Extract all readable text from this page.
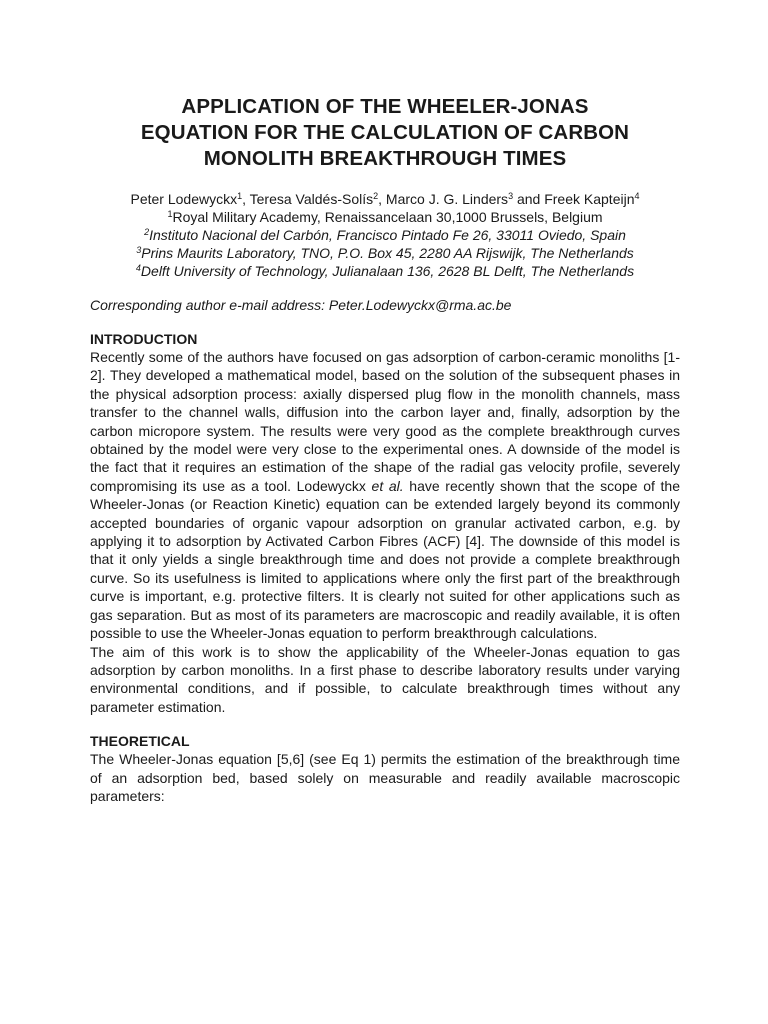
APPLICATION OF THE WHEELER-JONAS
EQUATION FOR THE CALCULATION OF CARBON
MONOLITH BREAKTHROUGH TIMES
Peter Lodewyckx$^1$, Teresa Valdés-Solís$^2$, Marco J. G. Linders$^3$ and Freek Kapteijn$^4$
$^1$Royal Military Academy, Renaissancelaan 30,1000 Brussels, Belgium
$^2$Instituto Nacional del Carbón, Francisco Pintado Fe 26, 33011 Oviedo, Spain
$^3$Prins Maurits Laboratory, TNO, P.O. Box 45, 2280 AA Rijswijk, The Netherlands
$^4$Delft University of Technology, Julianalaan 136, 2628 BL Delft, The Netherlands
Corresponding author e-mail address: Peter.Lodewyckx@rma.ac.be
INTRODUCTION

Recently some of the authors have focused on gas adsorption of carbon-ceramic monoliths [1-2]. They developed a mathematical model, based on the solution of the subsequent phases in the physical adsorption process: axially dispersed plug flow in the monolith channels, mass transfer to the channel walls, diffusion into the carbon layer and, finally, adsorption by the carbon micropore system. The results were very good as the complete breakthrough curves obtained by the model were very close to the experimental ones. A downside of the model is the fact that it requires an estimation of the shape of the radial gas velocity profile, severely compromising its use as a tool. Lodewyckx et al. have recently shown that the scope of the Wheeler-Jonas (or Reaction Kinetic) equation can be extended largely beyond its commonly accepted boundaries of organic vapour adsorption on granular activated carbon, e.g. by applying it to adsorption by Activated Carbon Fibres (ACF) [4]. The downside of this model is that it only yields a single breakthrough time and does not provide a complete breakthrough curve. So its usefulness is limited to applications where only the first part of the breakthrough curve is important, e.g. protective filters. It is clearly not suited for other applications such as gas separation. But as most of its parameters are macroscopic and readily available, it is often possible to use the Wheeler-Jonas equation to perform breakthrough calculations.

The aim of this work is to show the applicability of the Wheeler-Jonas equation to gas adsorption by carbon monoliths. In a first phase to describe laboratory results under varying environmental conditions, and if possible, to calculate breakthrough times without any parameter estimation.

THEORETICAL

The Wheeler-Jonas equation [5,6] (see Eq 1) permits the estimation of the breakthrough time of an adsorption bed, based solely on measurable and readily available macroscopic parameters:
